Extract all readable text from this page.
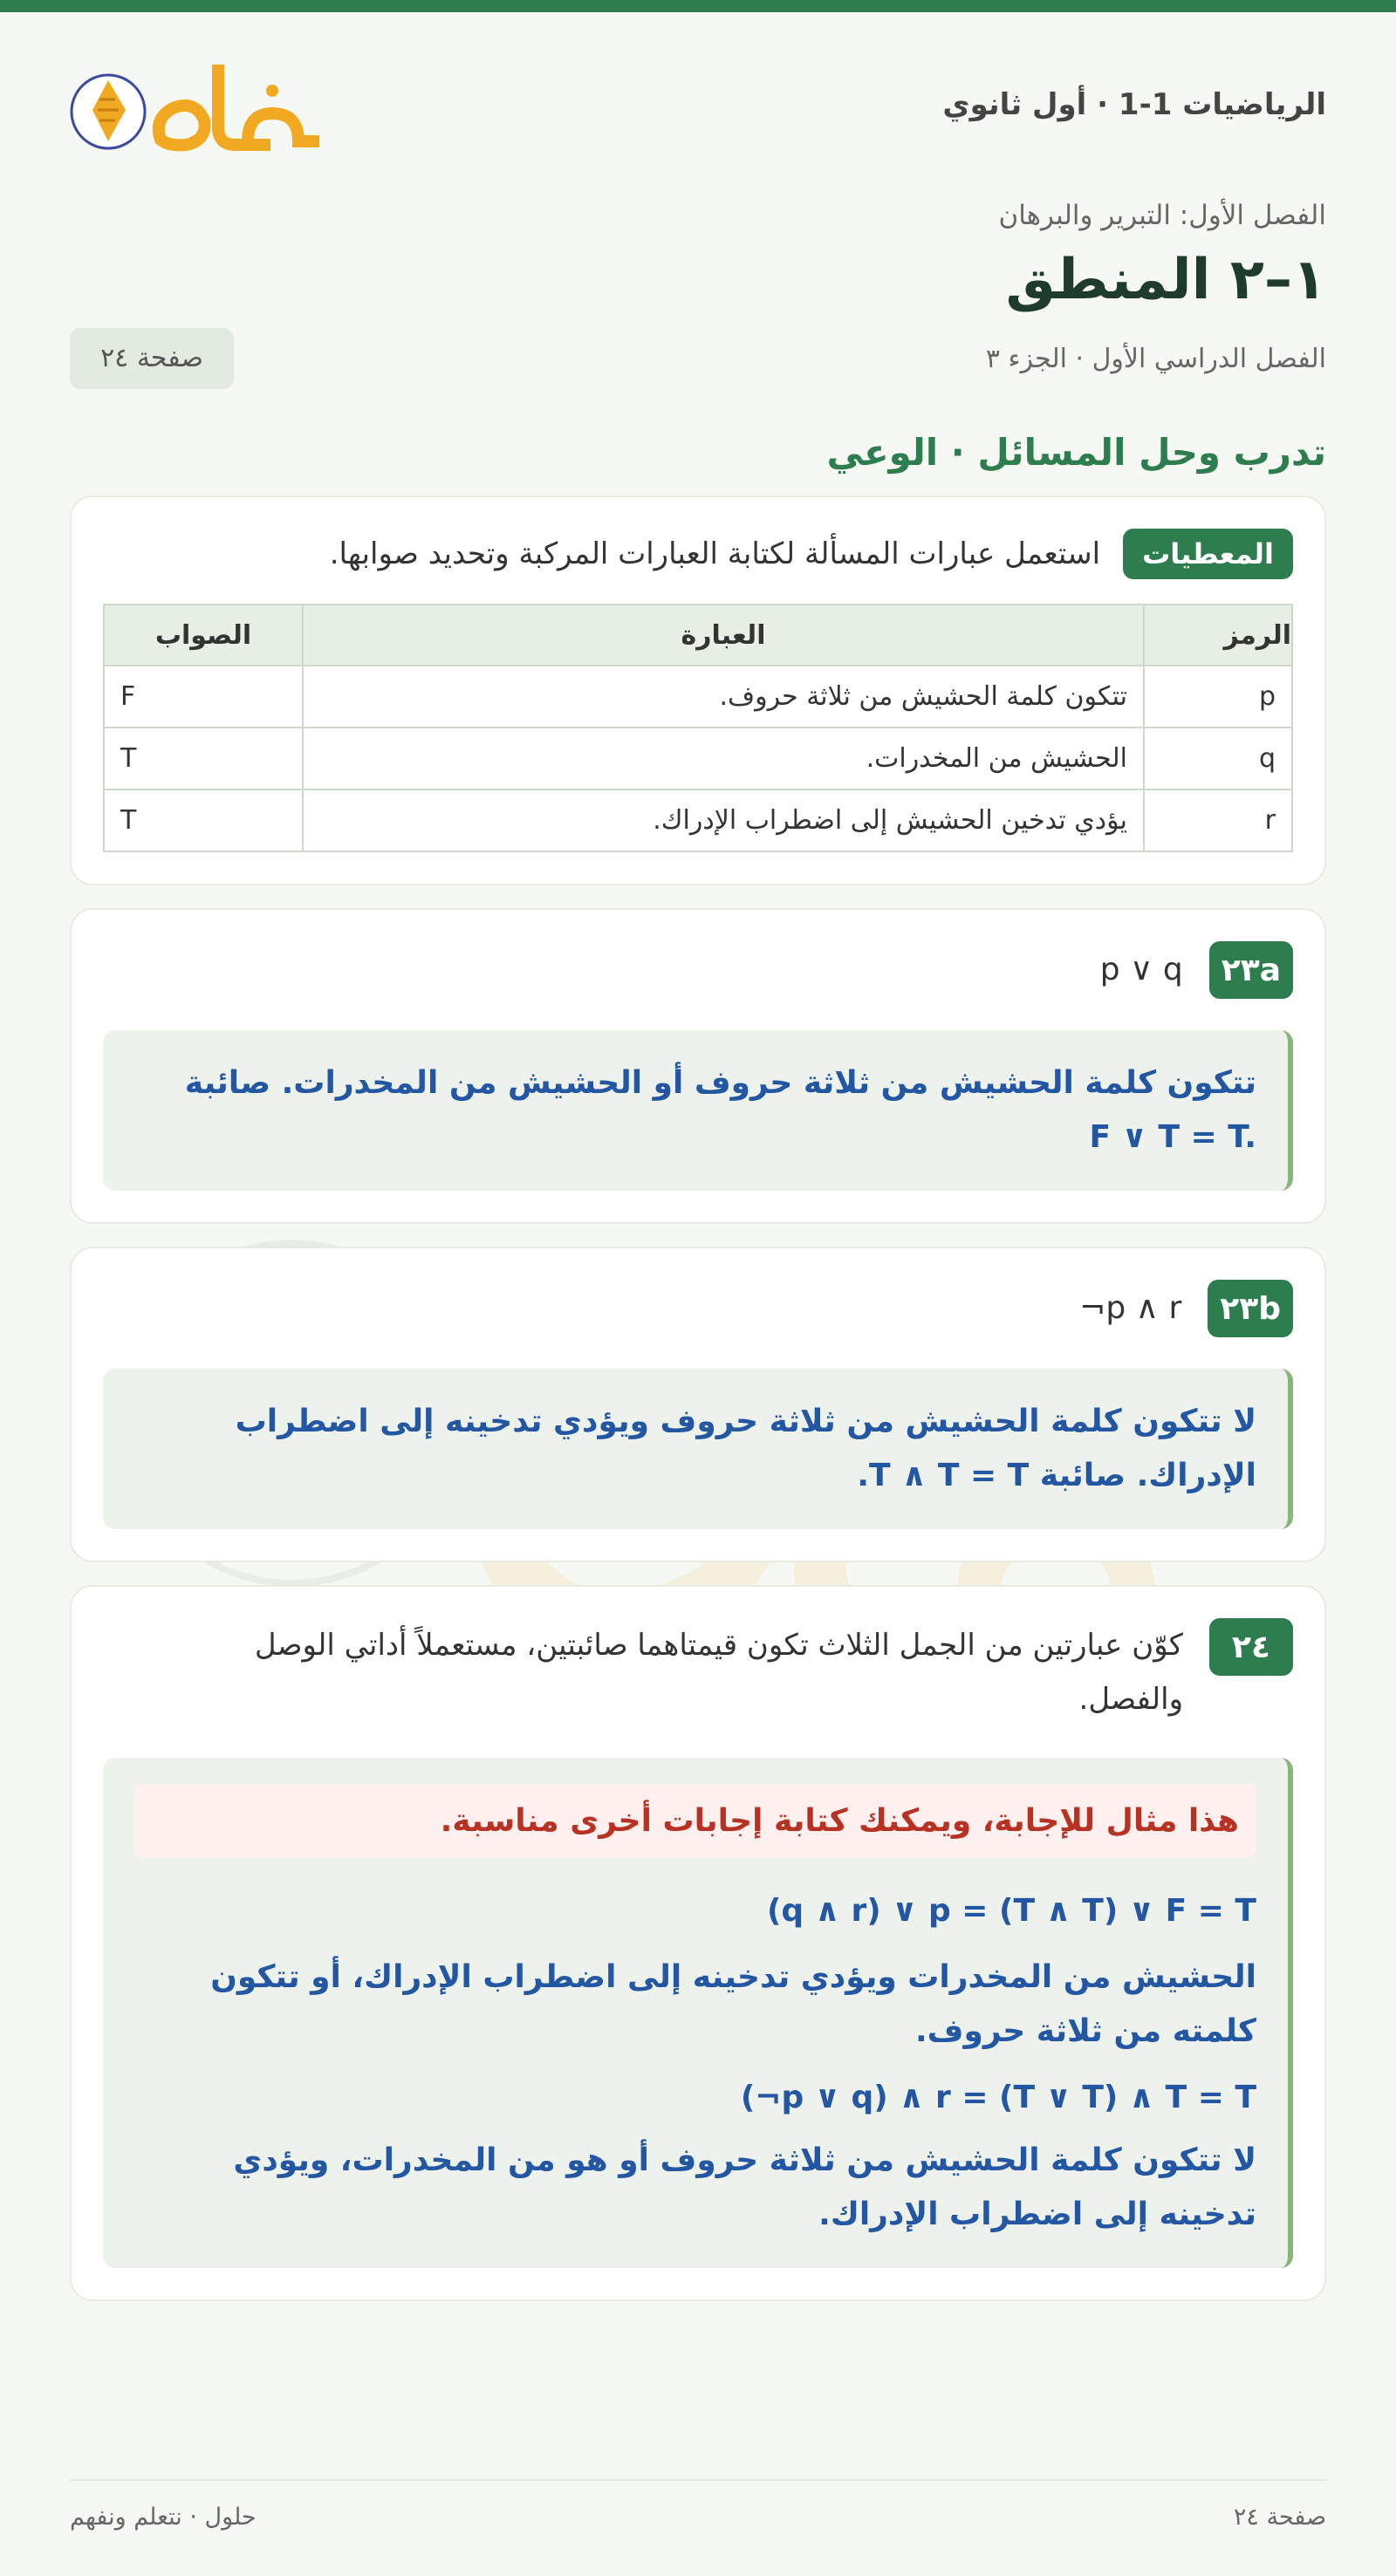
الرياضيات 1-1 · أول ثانوي
الفصل الأول: التبرير والبرهان
١–٢ المنطق
الفصل الدراسي الأول · الجزء ٣
صفحة ٢٤
تدرب وحل المسائل · الوعي
المعطيات
استعمل عبارات المسألة لكتابة العبارات المركبة وتحديد صوابها.
الرمز	العبارة	الصواب
p	تتكون كلمة الحشيش من ثلاثة حروف.	F
q	الحشيش من المخدرات.	T
r	يؤدي تدخين الحشيش إلى اضطراب الإدراك.	T
٢٣a
p ∨ q

تتكون كلمة الحشيش من ثلاثة حروف أو الحشيش من المخدرات. صائبة

F ∨ T = T.

٢٣b
¬p ∧ r

لا تتكون كلمة الحشيش من ثلاثة حروف ويؤدي تدخينه إلى اضطراب

الإدراك. صائبة T ∧ T = T.

٢٤
كوّن عبارتين من الجمل الثلاث تكون قيمتاهما صائبتين، مستعملاً أداتي الوصل
والفصل.
هذا مثال للإجابة، ويمكنك كتابة إجابات أخرى مناسبة.

(q ∧ r) ∨ p = (T ∧ T) ∨ F = T

الحشيش من المخدرات ويؤدي تدخينه إلى اضطراب الإدراك، أو تتكون

كلمته من ثلاثة حروف.

(¬p ∨ q) ∧ r = (T ∨ T) ∧ T = T

لا تتكون كلمة الحشيش من ثلاثة حروف أو هو من المخدرات، ويؤدي

تدخينه إلى اضطراب الإدراك.

صفحة ٢٤
حلول · نتعلم ونفهم
